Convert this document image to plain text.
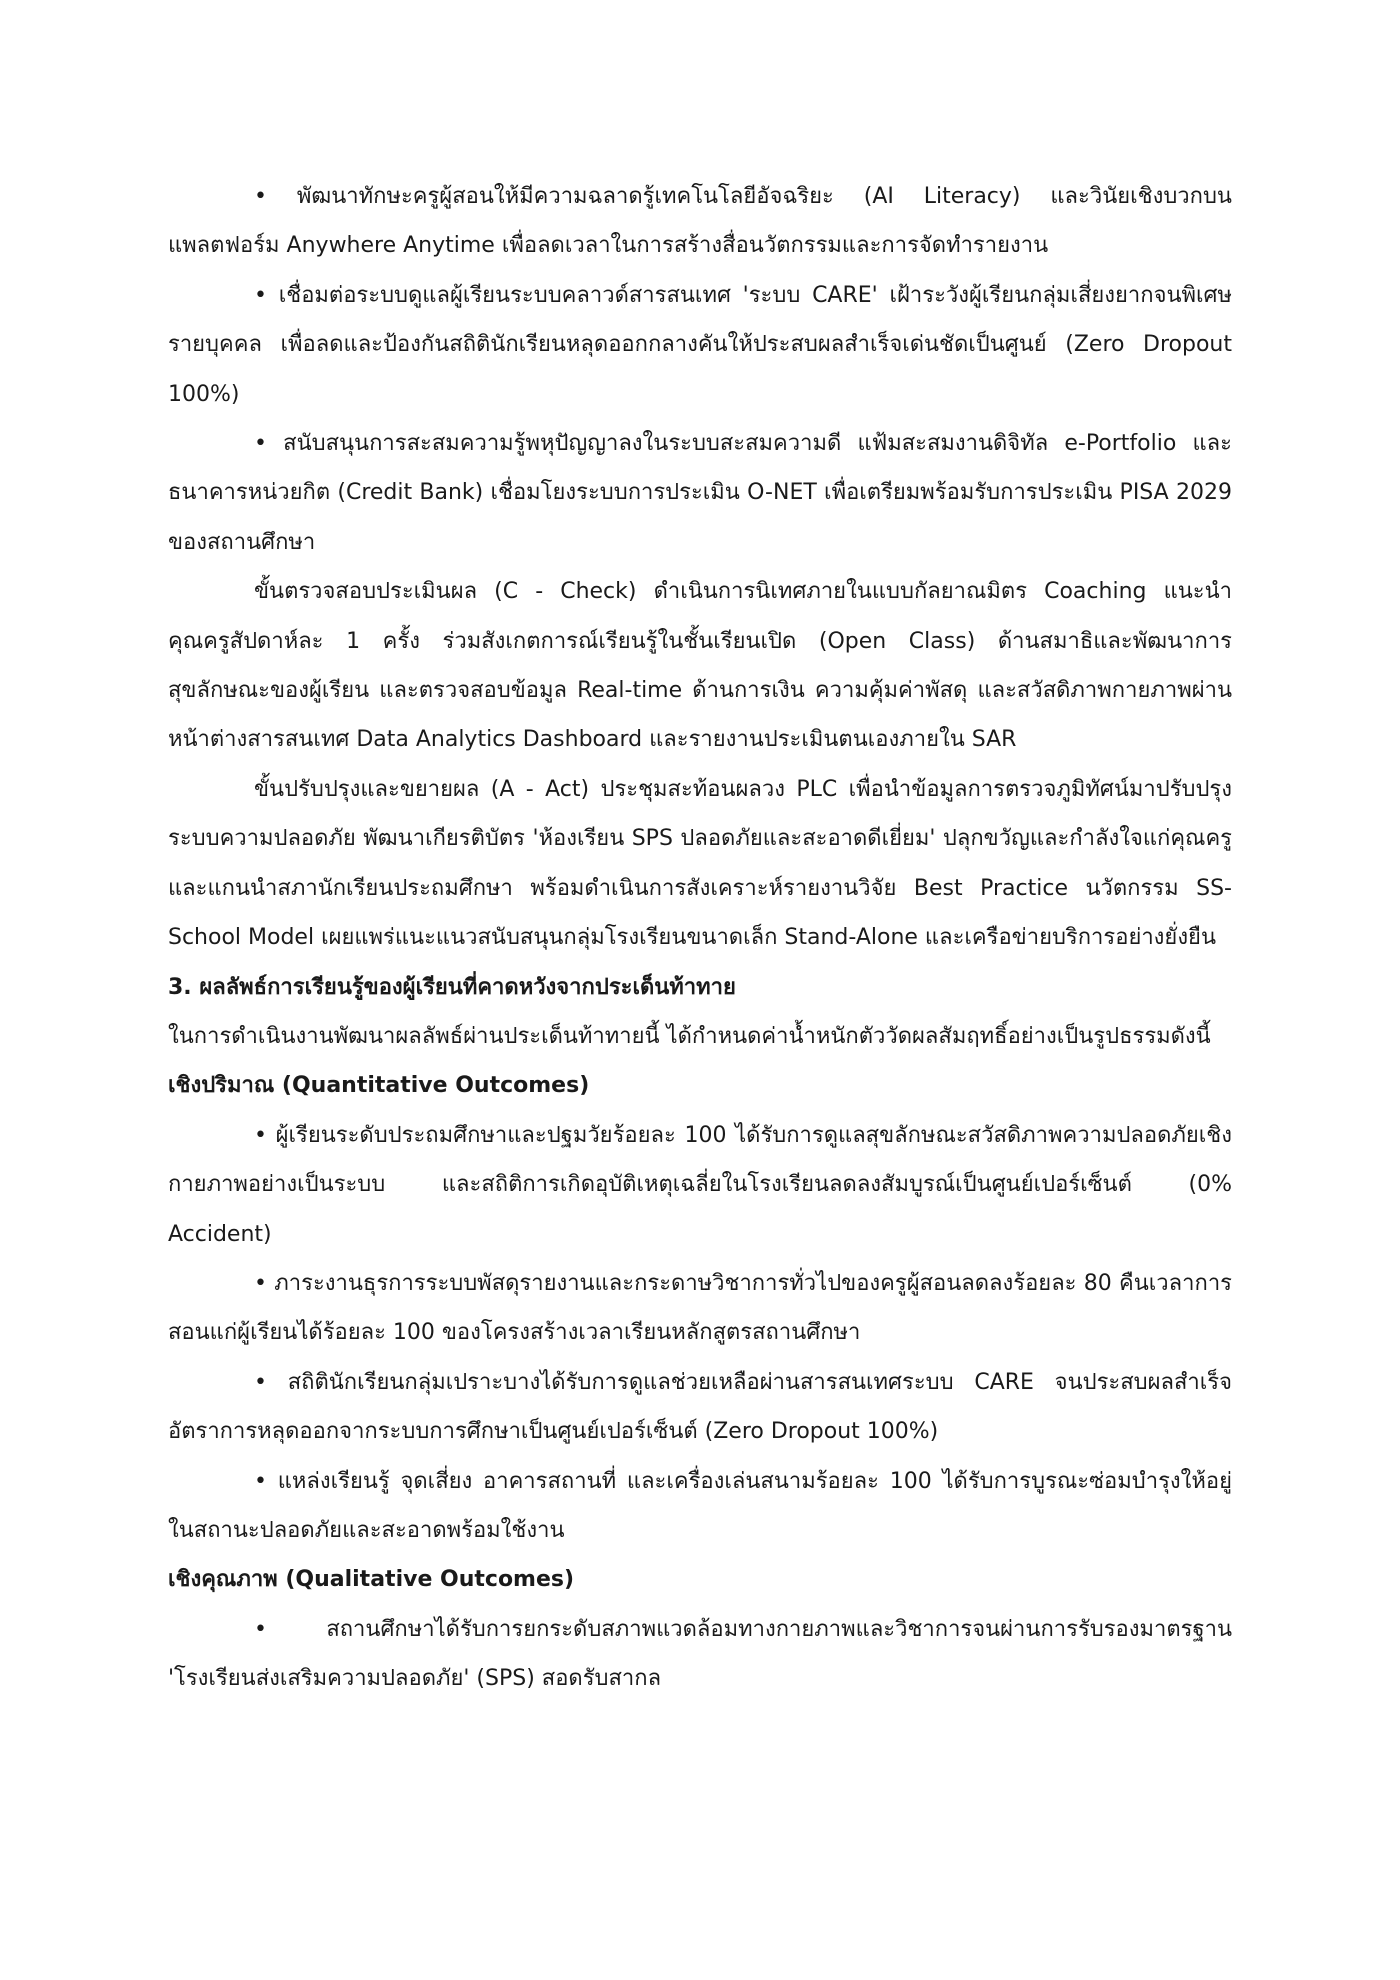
• พัฒนาทักษะครูผู้สอนให้มีความฉลาดรู้เทคโนโลยีอัจฉริยะ (AI Literacy) และวินัยเชิงบวกบนแพลตฟอร์ม Anywhere Anytime เพื่อลดเวลาในการสร้างสื่อนวัตกรรมและการจัดทำรายงาน

• เชื่อมต่อระบบดูแลผู้เรียนระบบคลาวด์สารสนเทศ 'ระบบ CARE' เฝ้าระวังผู้เรียนกลุ่มเสี่ยงยากจนพิเศษรายบุคคล เพื่อลดและป้องกันสถิตินักเรียนหลุดออกกลางคันให้ประสบผลสำเร็จเด่นชัดเป็นศูนย์ (Zero Dropout 100%)

• สนับสนุนการสะสมความรู้พหุปัญญาลงในระบบสะสมความดี แฟ้มสะสมงานดิจิทัล e-Portfolio และธนาคารหน่วยกิต (Credit Bank) เชื่อมโยงระบบการประเมิน O-NET เพื่อเตรียมพร้อมรับการประเมิน PISA 2029 ของสถานศึกษา

ขั้นตรวจสอบประเมินผล (C - Check) ดำเนินการนิเทศภายในแบบกัลยาณมิตร Coaching แนะนำคุณครูสัปดาห์ละ 1 ครั้ง ร่วมสังเกตการณ์เรียนรู้ในชั้นเรียนเปิด (Open Class) ด้านสมาธิและพัฒนาการสุขลักษณะของผู้เรียน และตรวจสอบข้อมูล Real-time ด้านการเงิน ความคุ้มค่าพัสดุ และสวัสดิภาพกายภาพผ่านหน้าต่างสารสนเทศ Data Analytics Dashboard และรายงานประเมินตนเองภายใน SAR

ขั้นปรับปรุงและขยายผล (A - Act) ประชุมสะท้อนผลวง PLC เพื่อนำข้อมูลการตรวจภูมิทัศน์มาปรับปรุงระบบความปลอดภัย พัฒนาเกียรติบัตร 'ห้องเรียน SPS ปลอดภัยและสะอาดดีเยี่ยม' ปลุกขวัญและกำลังใจแก่คุณครูและแกนนำสภานักเรียนประถมศึกษา พร้อมดำเนินการสังเคราะห์รายงานวิจัย Best Practice นวัตกรรม SS-School Model เผยแพร่แนะแนวสนับสนุนกลุ่มโรงเรียนขนาดเล็ก Stand-Alone และเครือข่ายบริการอย่างยั่งยืน

3. ผลลัพธ์การเรียนรู้ของผู้เรียนที่คาดหวังจากประเด็นท้าทาย

ในการดำเนินงานพัฒนาผลลัพธ์ผ่านประเด็นท้าทายนี้ ได้กำหนดค่าน้ำหนักตัววัดผลสัมฤทธิ์อย่างเป็นรูปธรรมดังนี้

เชิงปริมาณ (Quantitative Outcomes)

• ผู้เรียนระดับประถมศึกษาและปฐมวัยร้อยละ 100 ได้รับการดูแลสุขลักษณะสวัสดิภาพความปลอดภัยเชิงกายภาพอย่างเป็นระบบ และสถิติการเกิดอุบัติเหตุเฉลี่ยในโรงเรียนลดลงสัมบูรณ์เป็นศูนย์เปอร์เซ็นต์ (0% Accident)

• ภาระงานธุรการระบบพัสดุรายงานและกระดาษวิชาการทั่วไปของครูผู้สอนลดลงร้อยละ 80 คืนเวลาการสอนแก่ผู้เรียนได้ร้อยละ 100 ของโครงสร้างเวลาเรียนหลักสูตรสถานศึกษา

• สถิตินักเรียนกลุ่มเปราะบางได้รับการดูแลช่วยเหลือผ่านสารสนเทศระบบ CARE จนประสบผลสำเร็จ อัตราการหลุดออกจากระบบการศึกษาเป็นศูนย์เปอร์เซ็นต์ (Zero Dropout 100%)

• แหล่งเรียนรู้ จุดเสี่ยง อาคารสถานที่ และเครื่องเล่นสนามร้อยละ 100 ได้รับการบูรณะซ่อมบำรุงให้อยู่ในสถานะปลอดภัยและสะอาดพร้อมใช้งาน

เชิงคุณภาพ (Qualitative Outcomes)

• สถานศึกษาได้รับการยกระดับสภาพแวดล้อมทางกายภาพและวิชาการจนผ่านการรับรองมาตรฐาน 'โรงเรียนส่งเสริมความปลอดภัย' (SPS) สอดรับสากล
